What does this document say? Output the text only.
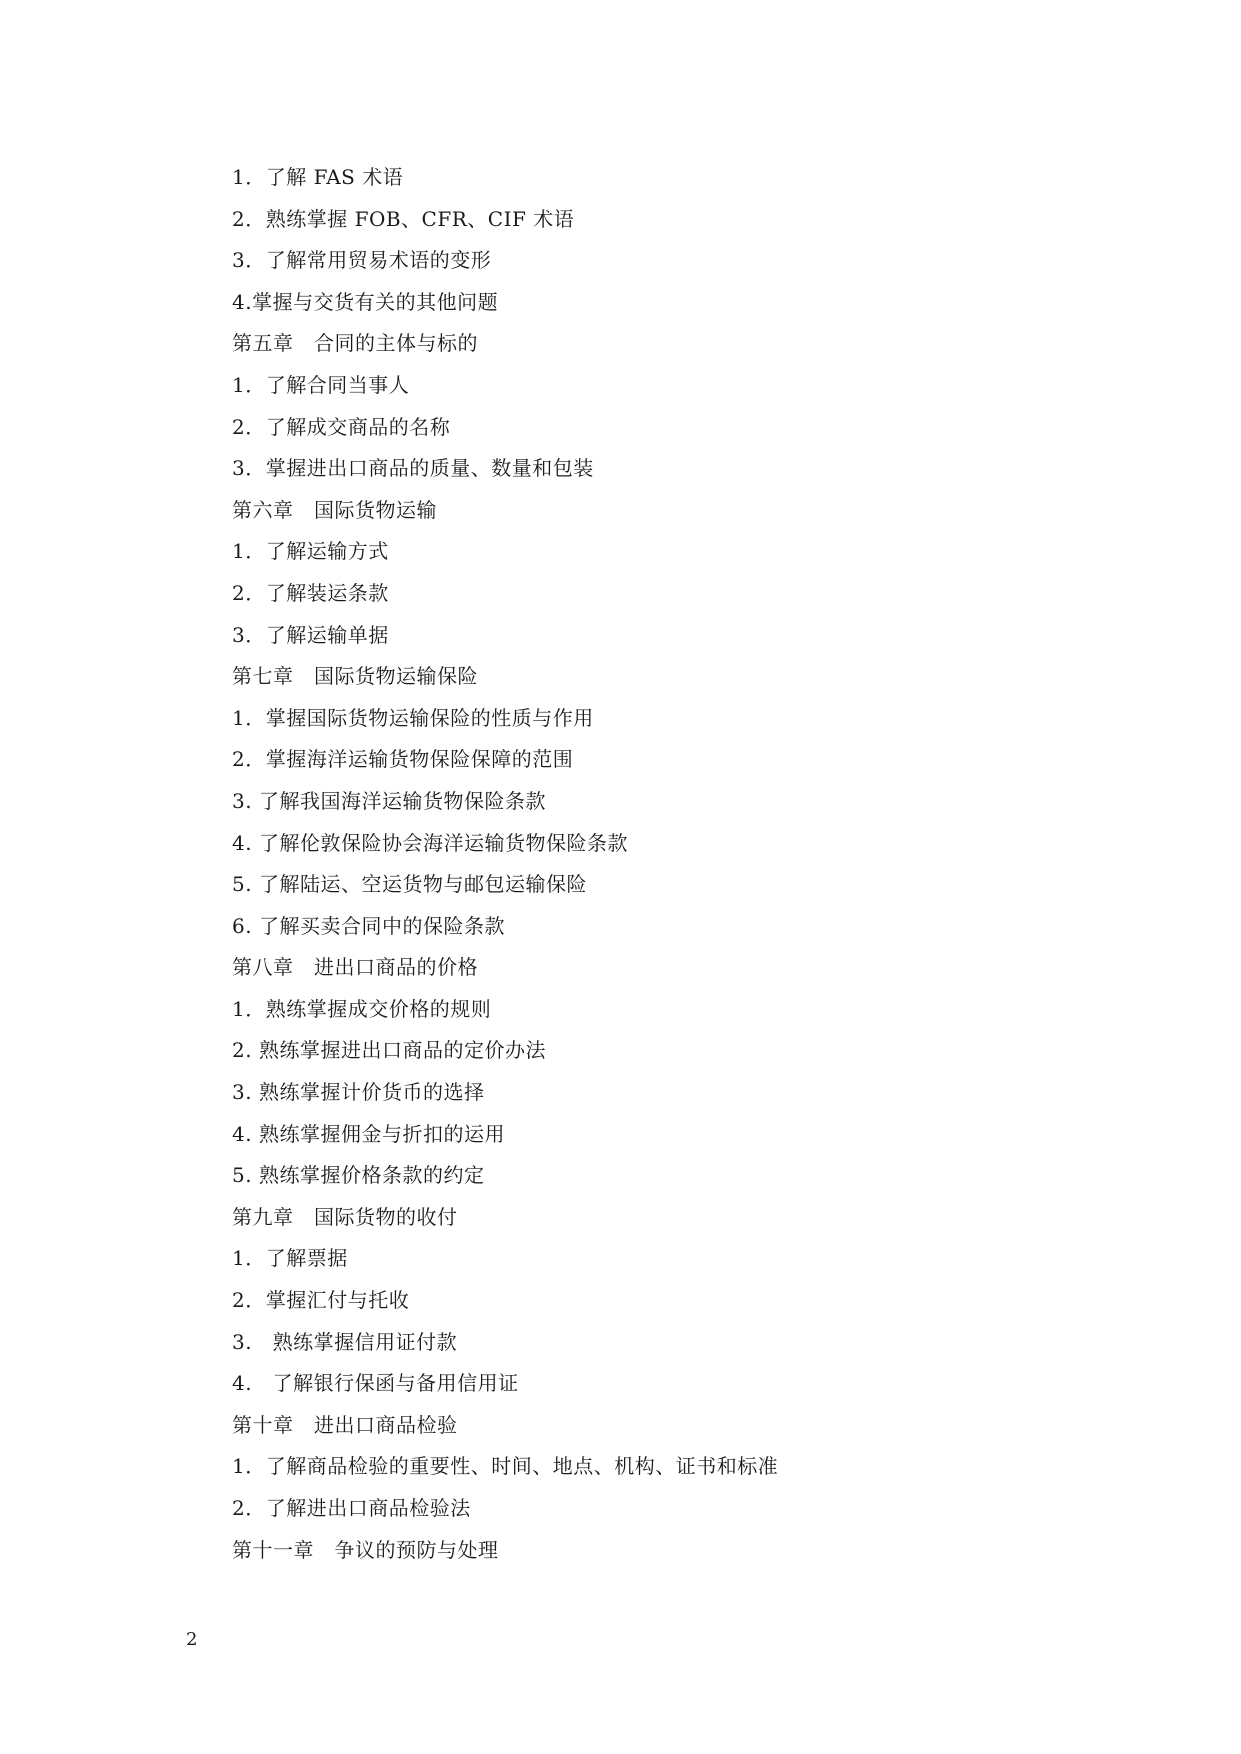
1．了解 FAS 术语
2．熟练掌握 FOB、CFR、CIF 术语
3．了解常用贸易术语的变形
4.掌握与交货有关的其他问题
第五章　合同的主体与标的
1．了解合同当事人
2．了解成交商品的名称
3．掌握进出口商品的质量、数量和包装
第六章　国际货物运输
1．了解运输方式
2．了解装运条款
3．了解运输单据
第七章　国际货物运输保险
1．掌握国际货物运输保险的性质与作用
2．掌握海洋运输货物保险保障的范围
3. 了解我国海洋运输货物保险条款
4. 了解伦敦保险协会海洋运输货物保险条款
5. 了解陆运、空运货物与邮包运输保险
6. 了解买卖合同中的保险条款
第八章　进出口商品的价格
1．熟练掌握成交价格的规则
2. 熟练掌握进出口商品的定价办法
3. 熟练掌握计价货币的选择
4. 熟练掌握佣金与折扣的运用
5. 熟练掌握价格条款的约定
第九章　国际货物的收付
1．了解票据
2．掌握汇付与托收
3.　熟练掌握信用证付款
4.　了解银行保函与备用信用证
第十章　进出口商品检验
1．了解商品检验的重要性、时间、地点、机构、证书和标准
2．了解进出口商品检验法
第十一章　争议的预防与处理
2
